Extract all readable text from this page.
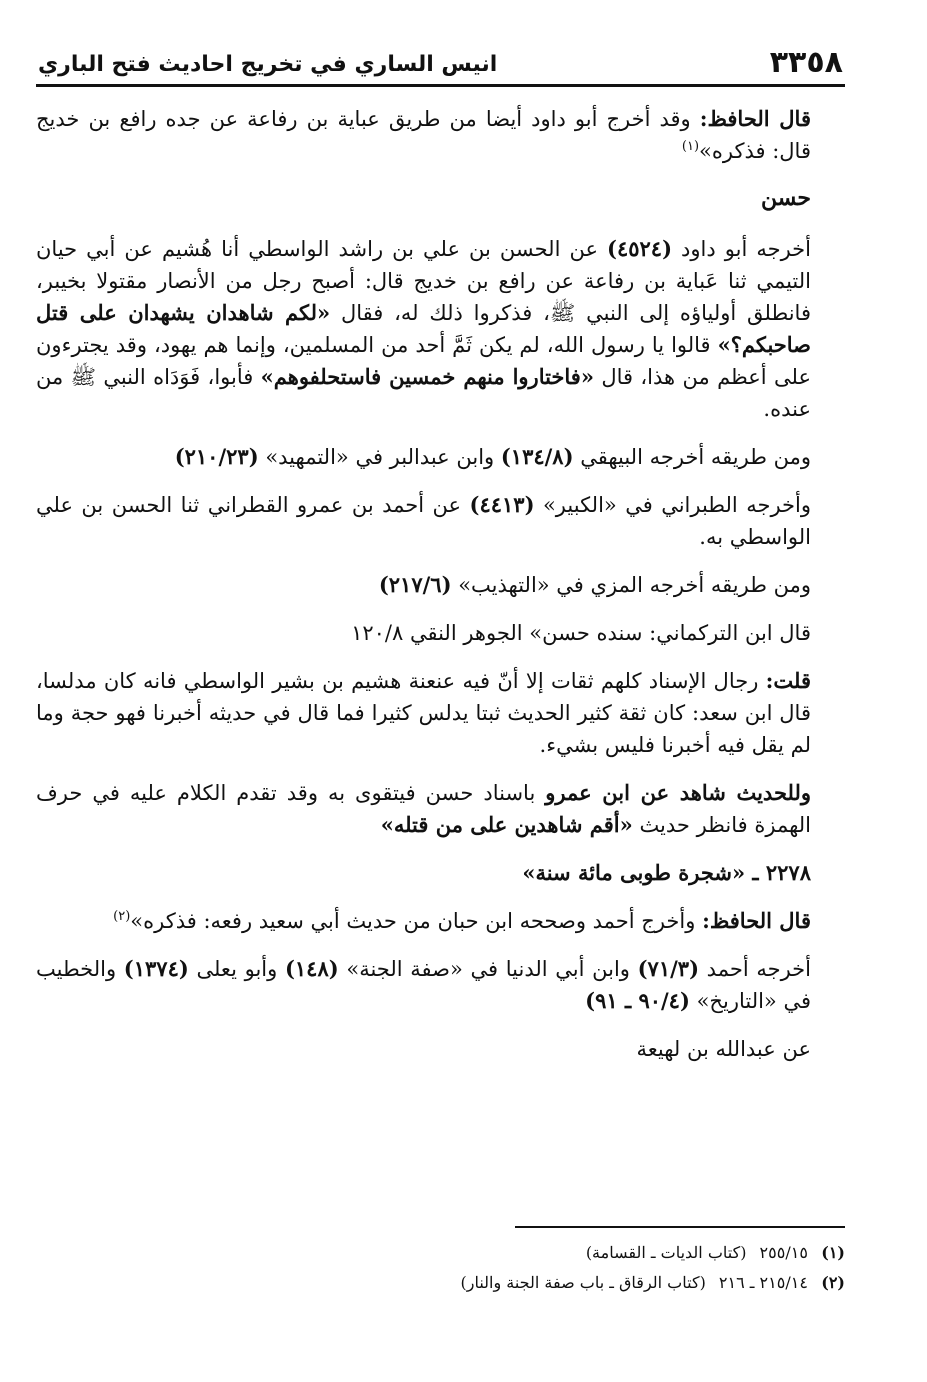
٣٣٥٨
انيس الساري في تخريج احاديث فتح الباري

قال الحافظ: وقد أخرج أبو داود أيضا من طريق عباية بن رفاعة عن جده رافع بن خديج قال: فذكره»$^{(١)}$

حسن

أخرجه أبو داود (٤٥٢٤) عن الحسن بن علي بن راشد الواسطي أنا هُشيم عن أبي حيان التيمي ثنا عَباية بن رفاعة عن رافع بن خديج قال: أصبح رجل من الأنصار مقتولا بخيبر، فانطلق أولياؤه إلى النبي ﷺ، فذكروا ذلك له، فقال «لكم شاهدان يشهدان على قتل صاحبكم؟» قالوا يا رسول الله، لم يكن ثَمَّ أحد من المسلمين، وإنما هم يهود، وقد يجترءون على أعظم من هذا، قال «فاختاروا منهم خمسين فاستحلفوهم» فأبوا، فَوَدَاه النبي ﷺ من عنده.

ومن طريقه أخرجه البيهقي (١٣٤/٨) وابن عبدالبر في «التمهيد» (٢١٠/٢٣)

وأخرجه الطبراني في «الكبير» (٤٤١٣) عن أحمد بن عمرو القطراني ثنا الحسن بن علي الواسطي به.

ومن طريقه أخرجه المزي في «التهذيب» (٢١٧/٦)

قال ابن التركماني: سنده حسن» الجوهر النقي ١٢٠/٨

قلت: رجال الإسناد كلهم ثقات إلا أنّ فيه عنعنة هشيم بن بشير الواسطي فانه كان مدلسا، قال ابن سعد: كان ثقة كثير الحديث ثبتا يدلس كثيرا فما قال في حديثه أخبرنا فهو حجة وما لم يقل فيه أخبرنا فليس بشيء.

وللحديث شاهد عن ابن عمرو باسناد حسن فيتقوى به وقد تقدم الكلام عليه في حرف الهمزة فانظر حديث «أقم شاهدين على من قتله»

٢٢٧٨ ـ «شجرة طوبى مائة سنة»

قال الحافظ: وأخرج أحمد وصححه ابن حبان من حديث أبي سعيد رفعه: فذكره»$^{(٢)}$

أخرجه أحمد (٧١/٣) وابن أبي الدنيا في «صفة الجنة» (١٤٨) وأبو يعلى (١٣٧٤) والخطيب في «التاريخ» (٩٠/٤ ـ ٩١)

عن عبدالله بن لهيعة

(١) ٢٥٥/١٥ (كتاب الديات ـ القسامة)
(٢) ٢١٥/١٤ ـ ٢١٦ (كتاب الرقاق ـ باب صفة الجنة والنار)
